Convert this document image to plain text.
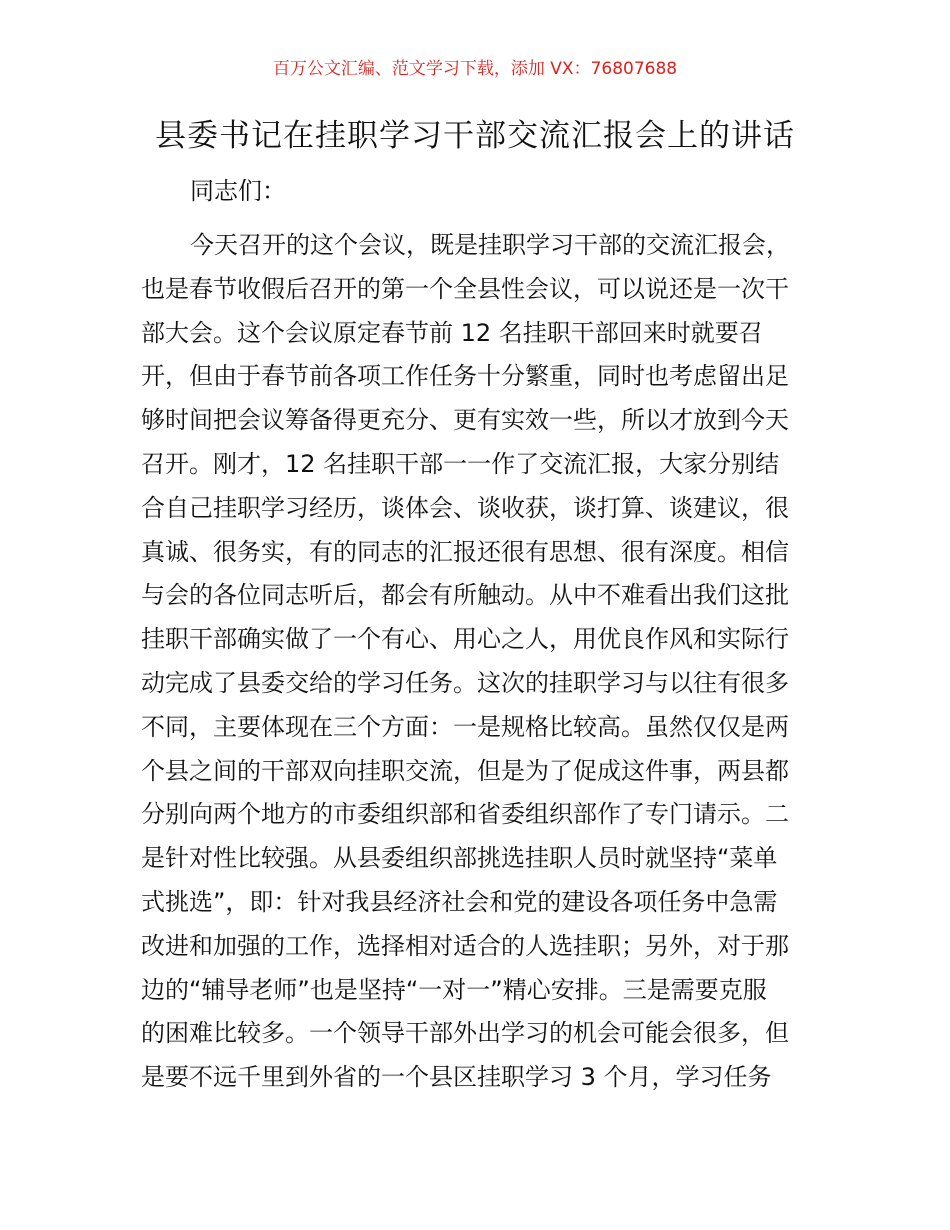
百万公文汇编、范文学习下载，添加 VX：76807688
县委书记在挂职学习干部交流汇报会上的讲话
同志们：
今天召开的这个会议，既是挂职学习干部的交流汇报会，
也是春节收假后召开的第一个全县性会议，可以说还是一次干
部大会。这个会议原定春节前 12 名挂职干部回来时就要召
开，但由于春节前各项工作任务十分繁重，同时也考虑留出足
够时间把会议筹备得更充分、更有实效一些，所以才放到今天
召开。刚才，12 名挂职干部一一作了交流汇报，大家分别结
合自己挂职学习经历，谈体会、谈收获，谈打算、谈建议，很
真诚、很务实，有的同志的汇报还很有思想、很有深度。相信
与会的各位同志听后，都会有所触动。从中不难看出我们这批
挂职干部确实做了一个有心、用心之人，用优良作风和实际行
动完成了县委交给的学习任务。这次的挂职学习与以往有很多
不同，主要体现在三个方面：一是规格比较高。虽然仅仅是两
个县之间的干部双向挂职交流，但是为了促成这件事，两县都
分别向两个地方的市委组织部和省委组织部作了专门请示。二
是针对性比较强。从县委组织部挑选挂职人员时就坚持“菜单
式挑选”，即：针对我县经济社会和党的建设各项任务中急需
改进和加强的工作，选择相对适合的人选挂职；另外，对于那
边的“辅导老师”也是坚持“一对一”精心安排。三是需要克服
的困难比较多。一个领导干部外出学习的机会可能会很多，但
是要不远千里到外省的一个县区挂职学习 3 个月，学习任务
